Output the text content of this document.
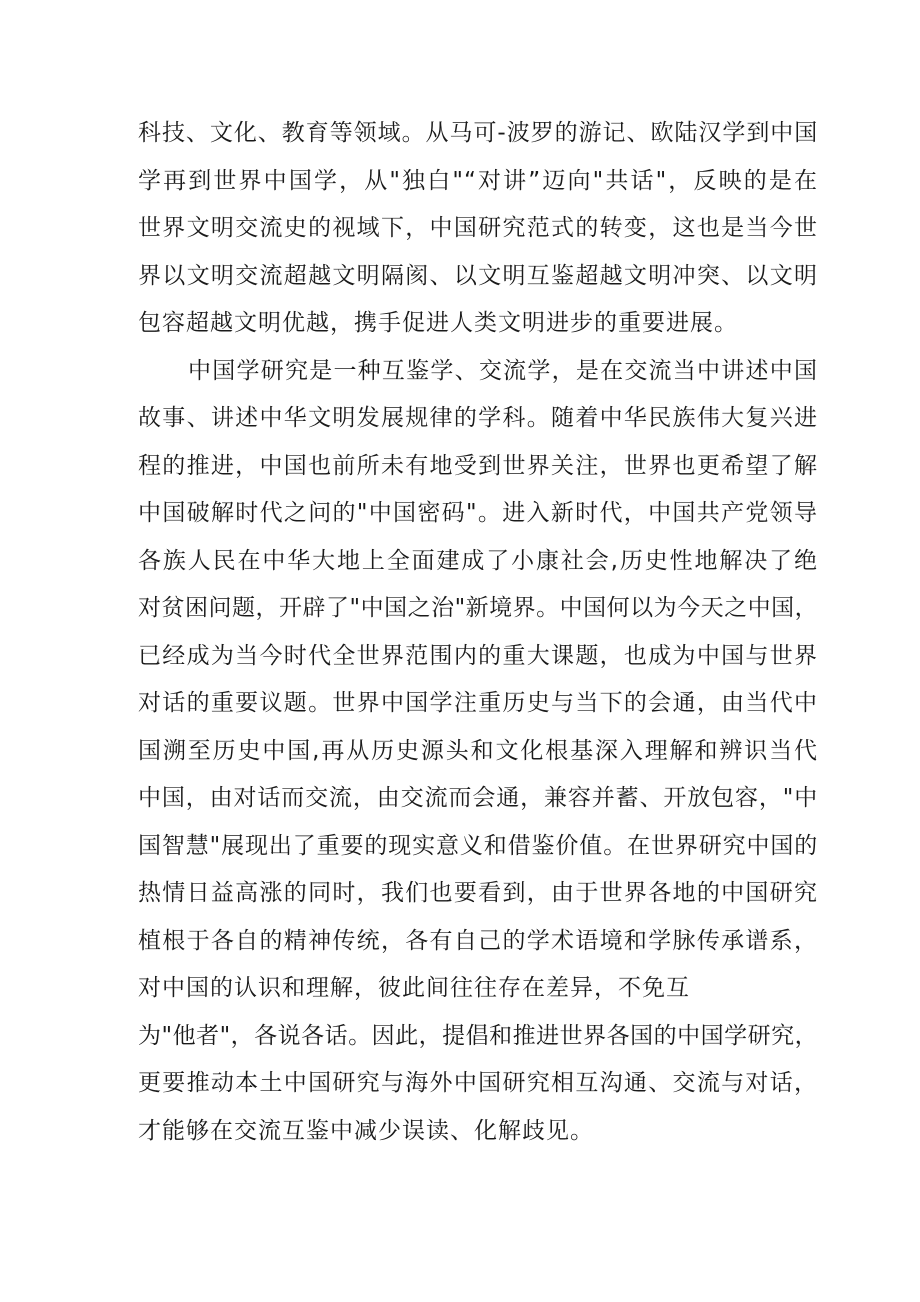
科技、文化、教育等领域。从马可-波罗的游记、欧陆汉学到中国
学再到世界中国学，从"独白"“对讲”迈向"共话"，反映的是在
世界文明交流史的视域下，中国研究范式的转变，这也是当今世
界以文明交流超越文明隔阂、以文明互鉴超越文明冲突、以文明
包容超越文明优越，携手促进人类文明进步的重要进展。
中国学研究是一种互鉴学、交流学，是在交流当中讲述中国
故事、讲述中华文明发展规律的学科。随着中华民族伟大复兴进
程的推进，中国也前所未有地受到世界关注，世界也更希望了解
中国破解时代之问的"中国密码"。进入新时代，中国共产党领导
各族人民在中华大地上全面建成了小康社会,历史性地解决了绝
对贫困问题，开辟了"中国之治"新境界。中国何以为今天之中国，
已经成为当今时代全世界范围内的重大课题，也成为中国与世界
对话的重要议题。世界中国学注重历史与当下的会通，由当代中
国溯至历史中国,再从历史源头和文化根基深入理解和辨识当代
中国，由对话而交流，由交流而会通，兼容并蓄、开放包容，"中
国智慧"展现出了重要的现实意义和借鉴价值。在世界研究中国的
热情日益高涨的同时，我们也要看到，由于世界各地的中国研究
植根于各自的精神传统，各有自己的学术语境和学脉传承谱系，
对中国的认识和理解，彼此间往往存在差异，不免互
为"他者"，各说各话。因此，提倡和推进世界各国的中国学研究，
更要推动本土中国研究与海外中国研究相互沟通、交流与对话，
才能够在交流互鉴中减少误读、化解歧见。
